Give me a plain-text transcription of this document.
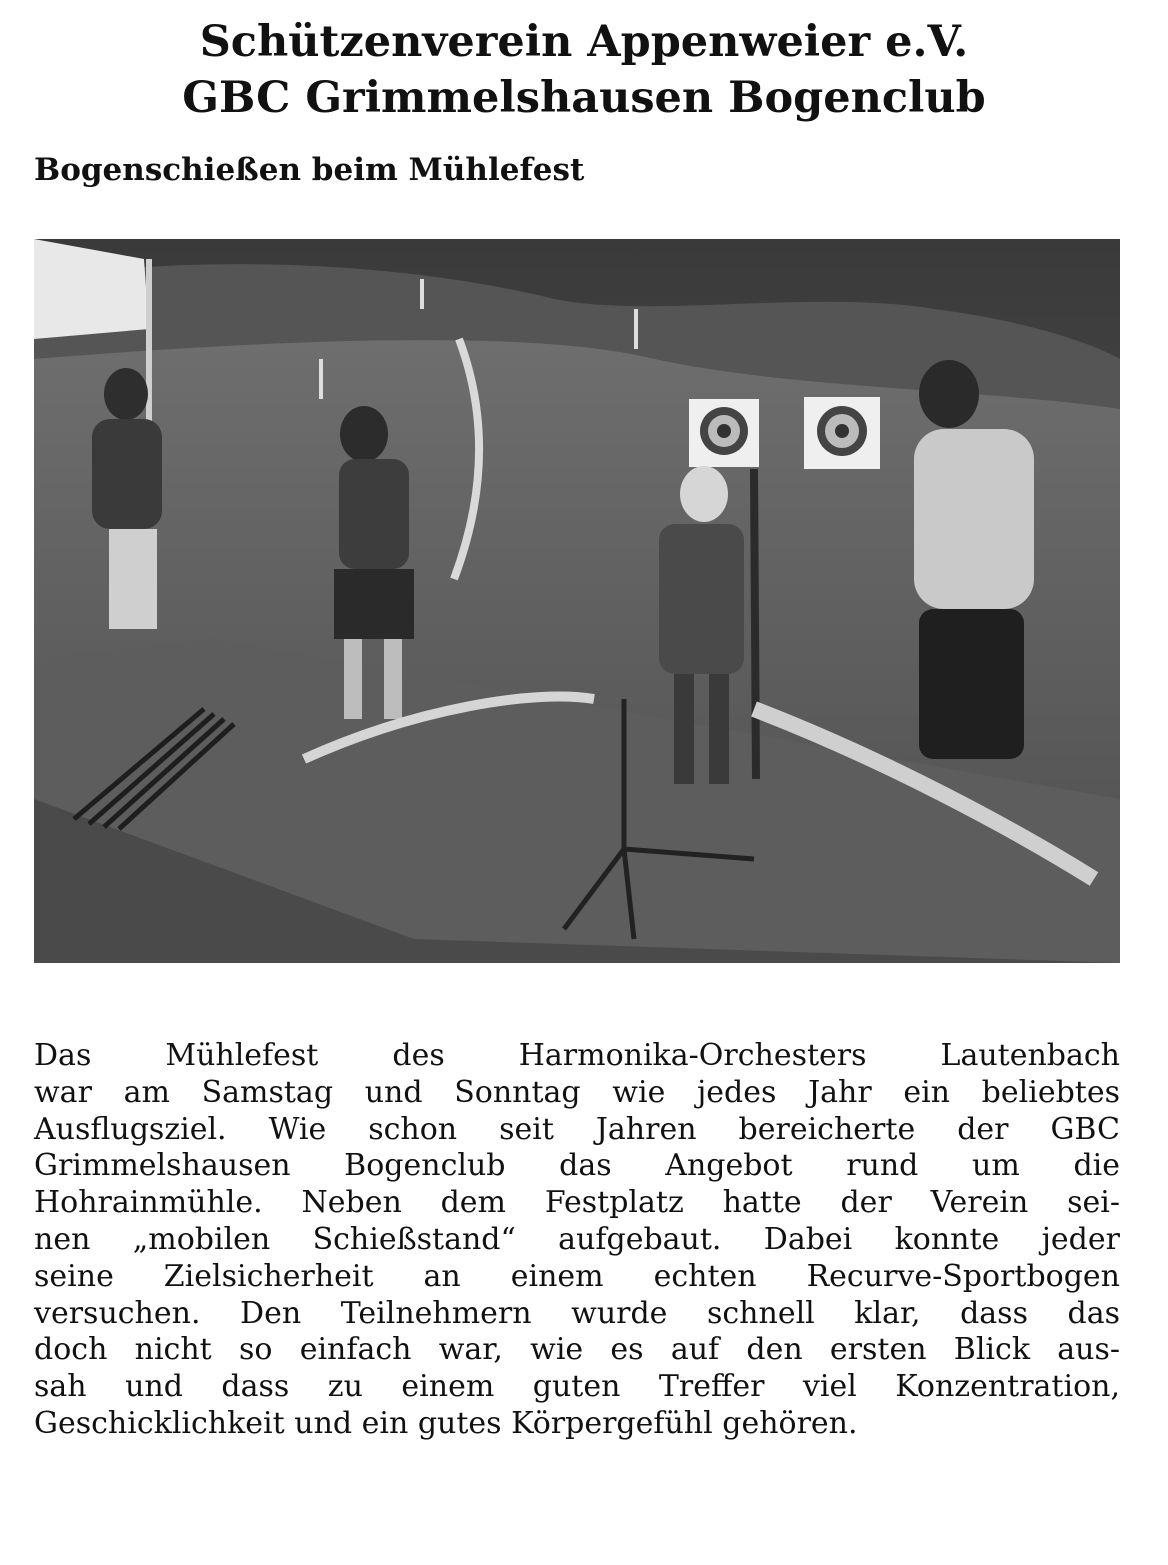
Schützenverein Appenweier e.V.
GBC Grimmelshausen Bogenclub
Bogenschießen beim Mühlefest
Das Mühlefest des Harmonika-Orchesters Lautenbach
war am Samstag und Sonntag wie jedes Jahr ein beliebtes
Ausflugsziel. Wie schon seit Jahren bereicherte der GBC
Grimmelshausen Bogenclub das Angebot rund um die
Hohrainmühle. Neben dem Festplatz hatte der Verein sei-
nen „mobilen Schießstand“ aufgebaut. Dabei konnte jeder
seine Zielsicherheit an einem echten Recurve-Sportbogen
versuchen. Den Teilnehmern wurde schnell klar, dass das
doch nicht so einfach war, wie es auf den ersten Blick aus-
sah und dass zu einem guten Treffer viel Konzentration,
Geschicklichkeit und ein gutes Körpergefühl gehören.
